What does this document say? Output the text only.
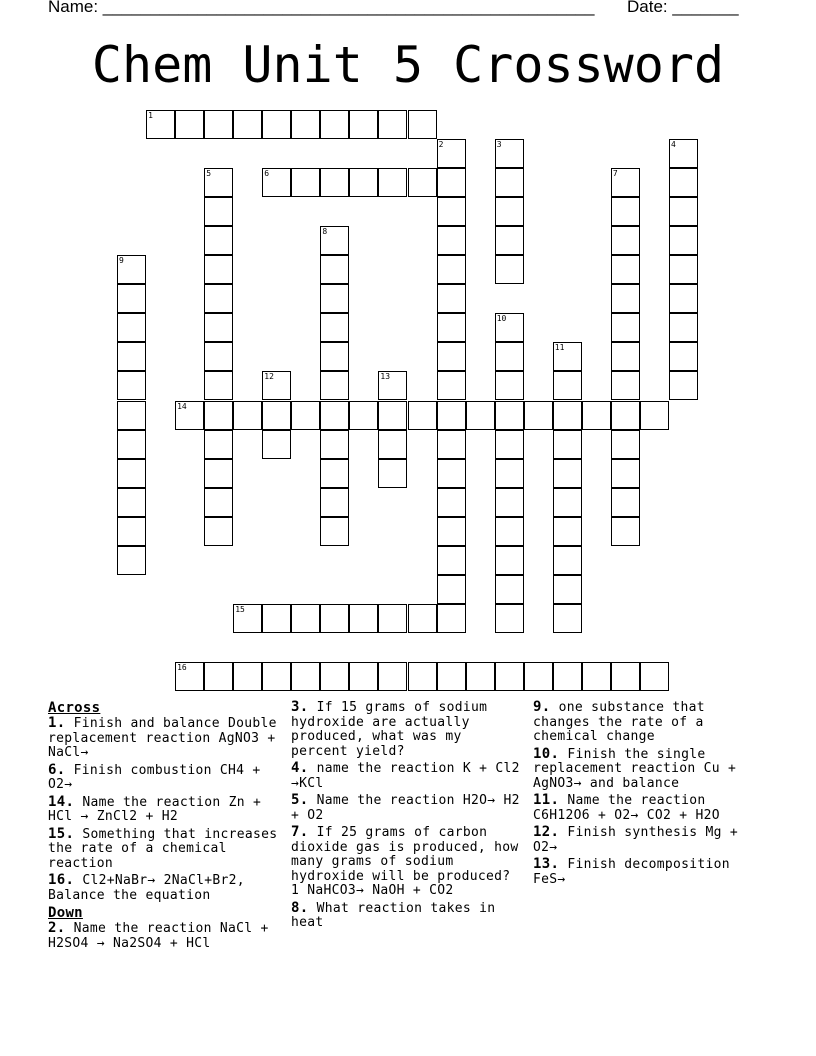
Name: ____________________________________________________ Date: _______
Chem Unit 5 Crossword
1
2	3	4
5	6	7
8
9
10
11
12	13
14
15
16
Across
1. Finish and balance Double replacement reaction AgNO3 + NaCl→
6. Finish combustion CH4 + O2→
14. Name the reaction Zn + HCl → ZnCl2 + H2
15. Something that increases the rate of a chemical reaction
16. Cl2+NaBr→ 2NaCl+Br2, Balance the equation
Down
2. Name the reaction NaCl + H2SO4 → Na2SO4 + HCl
3. If 15 grams of sodium hydroxide are actually produced, what was my percent yield?
4. name the reaction K + Cl2 →KCl
5. Name the reaction H2O→ H2 + O2
7. If 25 grams of carbon dioxide gas is produced, how many grams of sodium hydroxide will be produced? 1 NaHCO3→ NaOH + CO2
8. What reaction takes in heat
9. one substance that changes the rate of a chemical change
10. Finish the single replacement reaction Cu + AgNO3→ and balance
11. Name the reaction C6H12O6 + O2→ CO2 + H2O
12. Finish synthesis Mg + O2→
13. Finish decomposition FeS→
